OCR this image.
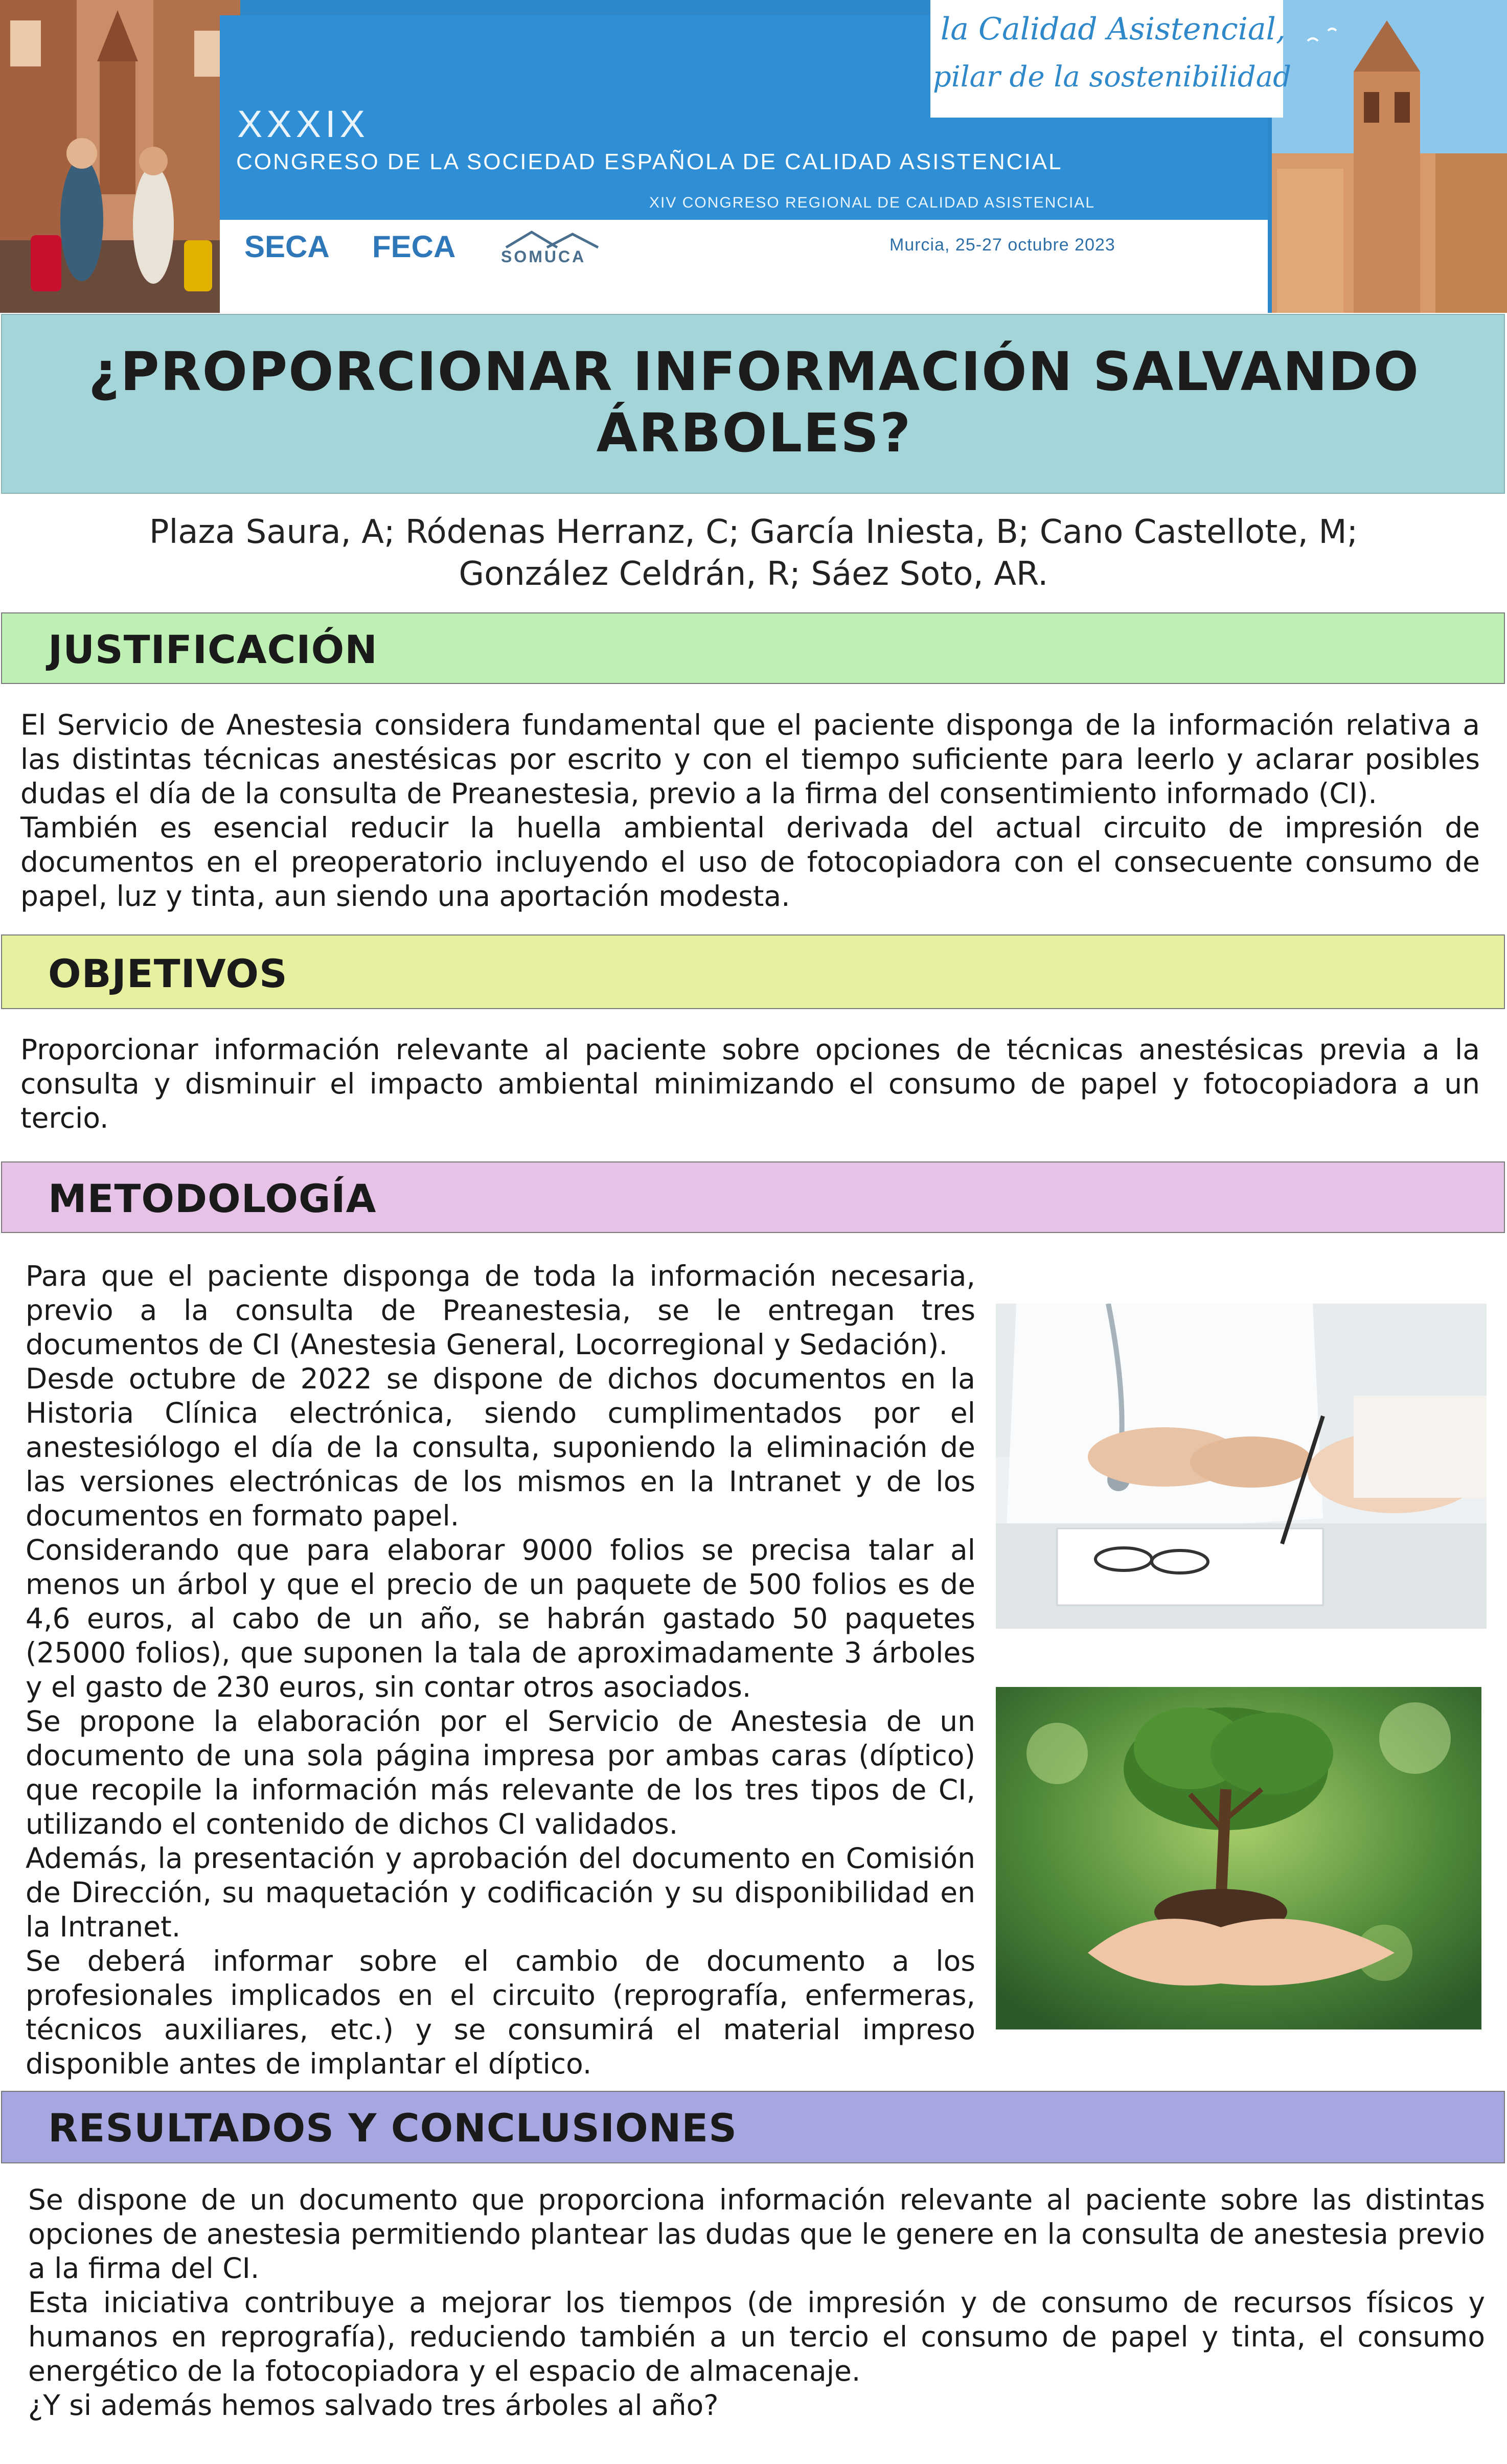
la Calidad Asistencial,
pilar de la sostenibilidad
XXXIX
CONGRESO DE LA SOCIEDAD ESPAÑOLA DE CALIDAD ASISTENCIAL
XIV CONGRESO REGIONAL DE CALIDAD ASISTENCIAL
SECA FECA	SOMUCA
Murcia, 25-27 octubre 2023
¿PROPORCIONAR INFORMACIÓN SALVANDO
ÁRBOLES?
Plaza Saura, A; Ródenas Herranz, C; García Iniesta, B; Cano Castellote, M;
González Celdrán, R; Sáez Soto, AR.
JUSTIFICACIÓN

El Servicio de Anestesia considera fundamental que el paciente disponga de la información relativa a las distintas técnicas anestésicas por escrito y con el tiempo suficiente para leerlo y aclarar posibles dudas el día de la consulta de Preanestesia, previo a la firma del consentimiento informado (CI).

También es esencial reducir la huella ambiental derivada del actual circuito de impresión de documentos en el preoperatorio incluyendo el uso de fotocopiadora con el consecuente consumo de papel, luz y tinta, aun siendo una aportación modesta.

OBJETIVOS

Proporcionar información relevante al paciente sobre opciones de técnicas anestésicas previa a la consulta y disminuir el impacto ambiental minimizando el consumo de papel y fotocopiadora a un tercio.

METODOLOGÍA

Para que el paciente disponga de toda la información necesaria, previo a la consulta de Preanestesia, se le entregan tres documentos de CI (Anestesia General, Locorregional y Sedación).

Desde octubre de 2022 se dispone de dichos documentos en la Historia Clínica electrónica, siendo cumplimentados por el anestesiólogo el día de la consulta, suponiendo la eliminación de las versiones electrónicas de los mismos en la Intranet y de los documentos en formato papel.

Considerando que para elaborar 9000 folios se precisa talar al menos un árbol y que el precio de un paquete de 500 folios es de 4,6 euros, al cabo de un año, se habrán gastado 50 paquetes (25000 folios), que suponen la tala de aproximadamente 3 árboles y el gasto de 230 euros, sin contar otros asociados.

Se propone la elaboración por el Servicio de Anestesia de un documento de una sola página impresa por ambas caras (díptico) que recopile la información más relevante de los tres tipos de CI, utilizando el contenido de dichos CI validados.

Además, la presentación y aprobación del documento en Comisión de Dirección, su maquetación y codificación y su disponibilidad en la Intranet.

Se deberá informar sobre el cambio de documento a los profesionales implicados en el circuito (reprografía, enfermeras, técnicos auxiliares, etc.) y se consumirá el material impreso disponible antes de implantar el díptico.

RESULTADOS Y CONCLUSIONES

Se dispone de un documento que proporciona información relevante al paciente sobre las distintas opciones de anestesia permitiendo plantear las dudas que le genere en la consulta de anestesia previo a la firma del CI.

Esta iniciativa contribuye a mejorar los tiempos (de impresión y de consumo de recursos físicos y humanos en reprografía), reduciendo también a un tercio el consumo de papel y tinta, el consumo energético de la fotocopiadora y el espacio de almacenaje.

¿Y si además hemos salvado tres árboles al año?
